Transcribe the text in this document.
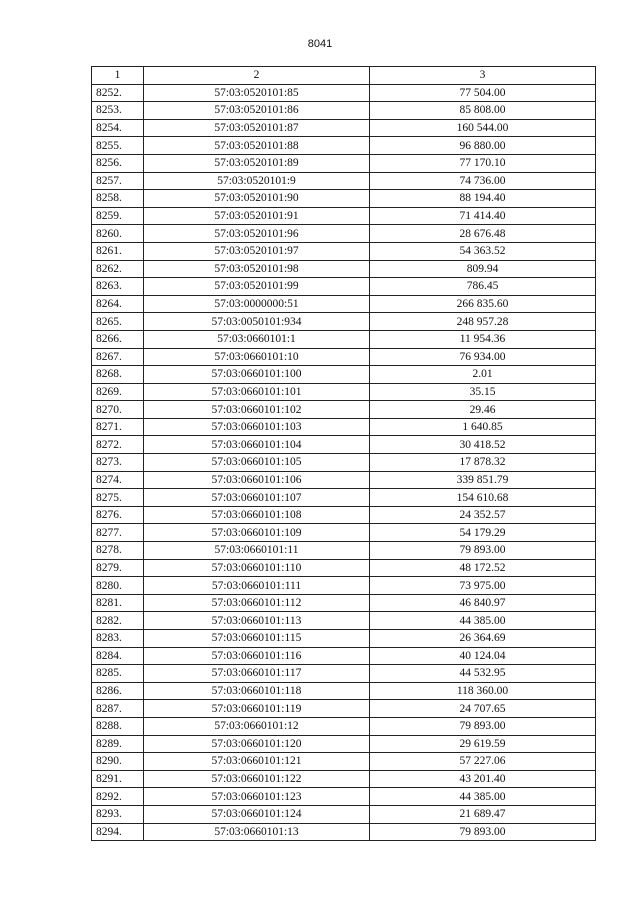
8041
1	2	3
8252.	57:03:0520101:85	77 504.00
8253.	57:03:0520101:86	85 808.00
8254.	57:03:0520101:87	160 544.00
8255.	57:03:0520101:88	96 880.00
8256.	57:03:0520101:89	77 170.10
8257.	57:03:0520101:9	74 736.00
8258.	57:03:0520101:90	88 194.40
8259.	57:03:0520101:91	71 414.40
8260.	57:03:0520101:96	28 676.48
8261.	57:03:0520101:97	54 363.52
8262.	57:03:0520101:98	809.94
8263.	57:03:0520101:99	786.45
8264.	57:03:0000000:51	266 835.60
8265.	57:03:0050101:934	248 957.28
8266.	57:03:0660101:1	11 954.36
8267.	57:03:0660101:10	76 934.00
8268.	57:03:0660101:100	2.01
8269.	57:03:0660101:101	35.15
8270.	57:03:0660101:102	29.46
8271.	57:03:0660101:103	1 640.85
8272.	57:03:0660101:104	30 418.52
8273.	57:03:0660101:105	17 878.32
8274.	57:03:0660101:106	339 851.79
8275.	57:03:0660101:107	154 610.68
8276.	57:03:0660101:108	24 352.57
8277.	57:03:0660101:109	54 179.29
8278.	57:03:0660101:11	79 893.00
8279.	57:03:0660101:110	48 172.52
8280.	57:03:0660101:111	73 975.00
8281.	57:03:0660101:112	46 840.97
8282.	57:03:0660101:113	44 385.00
8283.	57:03:0660101:115	26 364.69
8284.	57:03:0660101:116	40 124.04
8285.	57:03:0660101:117	44 532.95
8286.	57:03:0660101:118	118 360.00
8287.	57:03:0660101:119	24 707.65
8288.	57:03:0660101:12	79 893.00
8289.	57:03:0660101:120	29 619.59
8290.	57:03:0660101:121	57 227.06
8291.	57:03:0660101:122	43 201.40
8292.	57:03:0660101:123	44 385.00
8293.	57:03:0660101:124	21 689.47
8294.	57:03:0660101:13	79 893.00
